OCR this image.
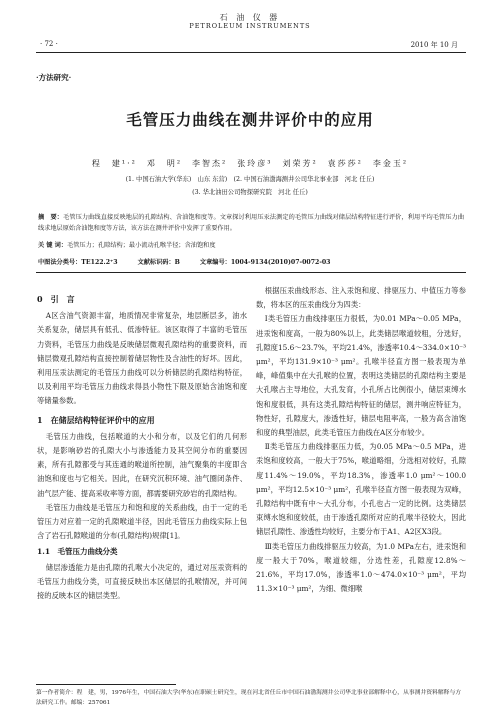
石 油 仪 器
PETROLEUM INSTRUMENTS
· 72 ·	2010 年 10 月
·方法研究·
毛管压力曲线在测井评价中的应用
程　建¹·²　邓　明²　李智杰²　张玲彦³　刘荣芳²　袁莎莎²　李金玉²
(1. 中国石油大学(华东)　山东 东营)　(2. 中国石油渤海测井公司华北事业部　河北 任丘)
(3. 华北油田公司物探研究院　河北 任丘)
摘　要：毛管压力曲线直接反映地层的孔隙结构、含油饱和度等。文章探讨利用压汞法测定的毛管压力曲线对储层结构特征进行评价，利用平均毛管压力曲线求地层原始含油饱和度等方法，该方法在测井评价中发挥了重要作用。
关 键 词：毛管压力；孔隙结构；最小流动孔喉半径；含油饱和度
中图法分类号：TE122.2⁺3	文献标识码：B	文章编号：1004-9134(2010)07-0072-03

0　引　言

A区含油气资源丰富，地质情况非常复杂，地层断层多，油水关系复杂，储层具有低孔、低渗特征。该区取得了丰富的毛管压力资料，毛管压力曲线是反映储层微观孔隙结构的重要资料，而储层微观孔隙结构直接控制着储层物性及含油性的好坏。因此，利用压汞法测定的毛管压力曲线可以分析储层的孔隙结构特征，以及利用平均毛管压力曲线求得县小物性下限及原始含油饱和度等储量参数。

1　在储层结构特征评价中的应用

毛管压力曲线，包括喉道的大小和分布，以及它们的几何形状，是影响砂岩的孔隙大小与渗透能力及其空间分布的重要因素，所有孔隙都受与其连通的喉道所控制，油气聚集的丰度即含油饱和度也与它相关。因此，在研究沉积环境、油气圈闭条件、油气层产能、提高采收率等方面，都需要研究砂岩的孔隙结构。

毛管压力曲线是毛管压力和饱和度的关系曲线，由于一定的毛管压力对应着一定的孔隙喉道半径，因此毛管压力曲线实际上包含了岩石孔隙喉道的分布(孔隙结构)规律[1]。

1.1　毛管压力曲线分类

储层渗透能力是由孔隙的孔喉大小决定的，通过对压汞资料的毛管压力曲线分类，可直接反映出本区储层的孔喉情况，并可间接的反映本区的储层类型。

根据压汞曲线形态、注入汞饱和度、排驱压力、中值压力等参数，将本区的压汞曲线分为四类：

Ⅰ类毛管压力曲线排驱压力很低，为0.01 MPa～0.05 MPa，进汞饱和度高，一般为80%以上，此类储层喉道较粗，分选好，孔隙度15.6～23.7%，平均21.4%，渗透率10.4～334.0×10⁻³ μm²，平均131.9×10⁻³ μm²。孔喉半径直方图一般表现为单峰，峰值集中在大孔喉的位置，表明这类储层的孔隙结构主要是大孔喉占主导地位，大孔发育，小孔所占比例很小，储层束缚水饱和度很低，具有这类孔隙结构特征的储层，测井响应特征为，物性好，孔隙度大，渗透性好，储层电阻率高，一般为高含油饱和度的典型油层，此类毛管压力曲线在A区分布较少。

Ⅱ类毛管压力曲线排驱压力低，为0.05 MPa～0.5 MPa，进汞饱和度较高，一般大于75%，喉道略细，分选相对较好，孔隙度11.4%～19.0%，平均18.3%，渗透率1.0 μm²～100.0 μm²，平均12.5×10⁻³ μm²，孔喉半径直方图一般表现为双峰，孔隙结构中既有中～大孔分布，小孔也占一定的比例。这类储层束缚水饱和度较低，由于渗透孔隙所对应的孔喉半径较大，因此储层孔隙性、渗透性均较好，主要分布于A1、A2区X3段。

Ⅲ类毛管压力曲线排驱压力较高，为1.0 MPa左右，进汞饱和度一般大于70%，喉道较细，分选性差，孔隙度12.8%～21.6%，平均17.0%，渗透率1.0～474.0×10⁻³ μm²，平均11.3×10⁻³ μm²，为细、微细喉

第一作者简介：程　建，男，1976年生，中国石油大学(华东)在职硕士研究生，现在河北省任丘市中国石油渤海测井公司华北事业部解释中心，从事测井资料解释与方法研究工作。邮编：257061
